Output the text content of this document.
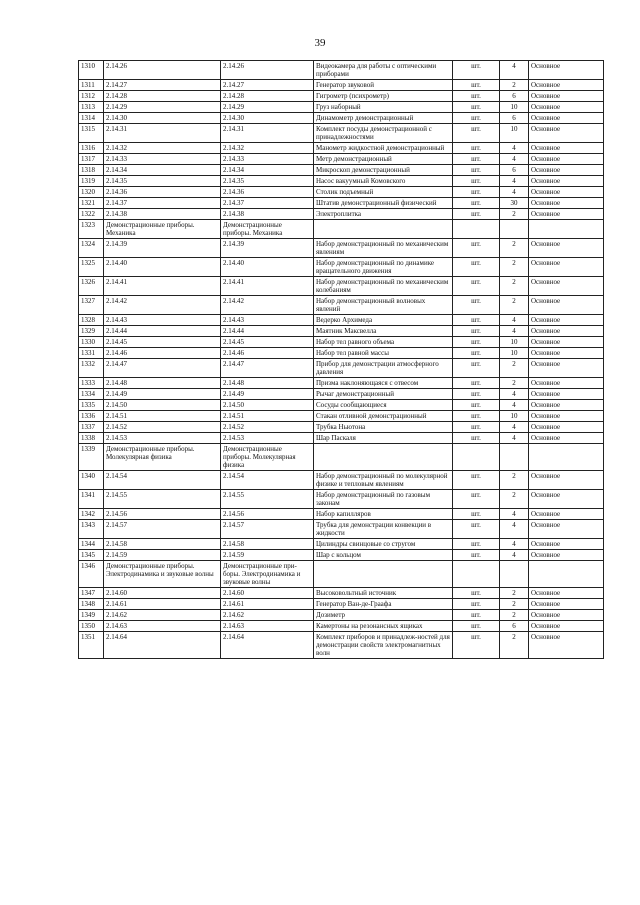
39
1310	2.14.26	2.14.26	Видеокамера для работы с оптическими приборами	шт.	4	Основное
1311	2.14.27	2.14.27	Генератор звуковой	шт.	2	Основное
1312	2.14.28	2.14.28	Гигрометр (психрометр)	шт.	6	Основное
1313	2.14.29	2.14.29	Груз наборный	шт.	10	Основное
1314	2.14.30	2.14.30	Динамометр демонстрационный	шт.	6	Основное
1315	2.14.31	2.14.31	Комплект посуды демонстрационной с принадлежностями	шт.	10	Основное
1316	2.14.32	2.14.32	Манометр жидкостной демонстрационный	шт.	4	Основное
1317	2.14.33	2.14.33	Метр демонстрационный	шт.	4	Основное
1318	2.14.34	2.14.34	Микроскоп демонстрационный	шт.	6	Основное
1319	2.14.35	2.14.35	Насос вакуумный Комовского	шт.	4	Основное
1320	2.14.36	2.14.36	Столик подъемный	шт.	4	Основное
1321	2.14.37	2.14.37	Штатив демонстрационный физический	шт.	30	Основное
1322	2.14.38	2.14.38	Электроплитка	шт.	2	Основное
1323	Демонстрационные приборы. Механика	Демонстрационные приборы. Механика				
1324	2.14.39	2.14.39	Набор демонстрационный по механическим явлениям	шт.	2	Основное
1325	2.14.40	2.14.40	Набор демонстрационный по динамике вращательного движения	шт.	2	Основное
1326	2.14.41	2.14.41	Набор демонстрационный по механическим колебаниям	шт.	2	Основное
1327	2.14.42	2.14.42	Набор демонстрационный волновых явлений	шт.	2	Основное
1328	2.14.43	2.14.43	Ведерко Архимеда	шт.	4	Основное
1329	2.14.44	2.14.44	Маятник Максвелла	шт.	4	Основное
1330	2.14.45	2.14.45	Набор тел равного объема	шт.	10	Основное
1331	2.14.46	2.14.46	Набор тел равной массы	шт.	10	Основное
1332	2.14.47	2.14.47	Прибор для демонстрации атмосферного давления	шт.	2	Основное
1333	2.14.48	2.14.48	Призма наклоняющаяся с отвесом	шт.	2	Основное
1334	2.14.49	2.14.49	Рычаг демонстрационный	шт.	4	Основное
1335	2.14.50	2.14.50	Сосуды сообщающиеся	шт.	4	Основное
1336	2.14.51	2.14.51	Стакан отливной демонстрационный	шт.	10	Основное
1337	2.14.52	2.14.52	Трубка Ньютона	шт.	4	Основное
1338	2.14.53	2.14.53	Шар Паскаля	шт.	4	Основное
1339	Демонстрационные приборы. Молекулярная физика	Демонстрационные приборы. Молекулярная физика				
1340	2.14.54	2.14.54	Набор демонстрационный по молекулярной физике и тепловым явлениям	шт.	2	Основное
1341	2.14.55	2.14.55	Набор демонстрационный по газовым законам	шт.	2	Основное
1342	2.14.56	2.14.56	Набор капилляров	шт.	4	Основное
1343	2.14.57	2.14.57	Трубка для демонстрации конвекции в жидкости	шт.	4	Основное
1344	2.14.58	2.14.58	Цилиндры свинцовые со стругом	шт.	4	Основное
1345	2.14.59	2.14.59	Шар с кольцом	шт.	4	Основное
1346	Демонстрационные приборы. Электродинамика и звуковые волны	Демонстрационные при-боры. Электродинамика и звуковые волны				
1347	2.14.60	2.14.60	Высоковольтный источник	шт.	2	Основное
1348	2.14.61	2.14.61	Генератор Ван-де-Граафа	шт.	2	Основное
1349	2.14.62	2.14.62	Дозиметр	шт.	2	Основное
1350	2.14.63	2.14.63	Камертоны на резонансных ящиках	шт.	6	Основное
1351	2.14.64	2.14.64	Комплект приборов и принадлеж-ностей для демонстрации свойств электромагнитных волн	шт.	2	Основное
